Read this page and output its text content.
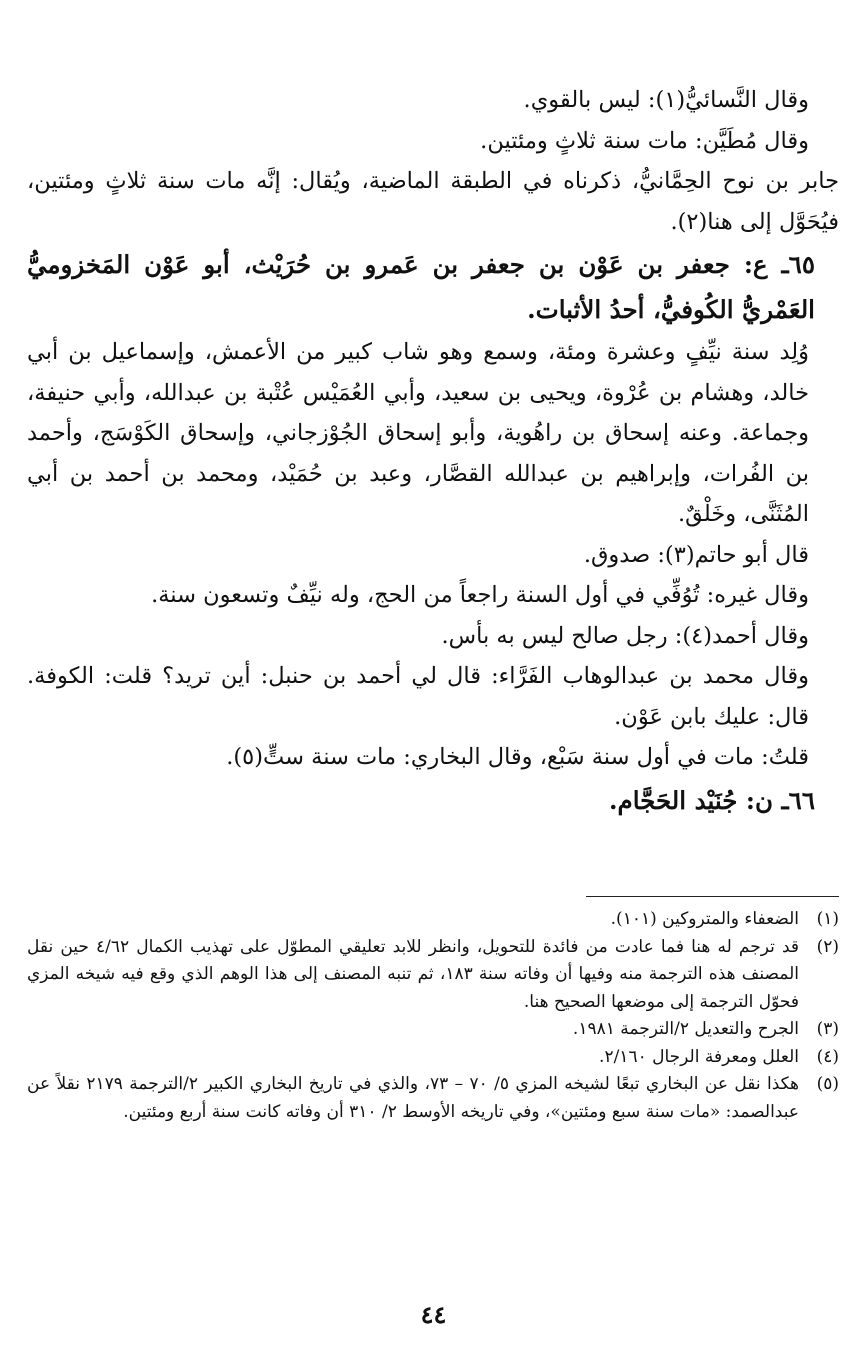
وقال النَّسائيُّ(١): ليس بالقوي.

وقال مُطَيَّن: مات سنة ثلاثٍ ومئتين.

جابر بن نوح الحِمَّانيُّ، ذكرناه في الطبقة الماضية، ويُقال: إنَّه مات سنة ثلاثٍ ومئتين، فيُحَوَّل إلى هنا(٢).

٦٥ـ ع: جعفر بن عَوْن بن جعفر بن عَمرو بن حُرَيْث، أبو عَوْن المَخزوميُّ العَمْريُّ الكُوفيُّ، أحدُ الأثبات.

وُلِد سنة نيِّفٍ وعشرة ومئة، وسمع وهو شاب كبير من الأعمش، وإسماعيل بن أبي خالد، وهشام بن عُرْوة، ويحيى بن سعيد، وأبي العُمَيْس عُتْبة بن عبدالله، وأبي حنيفة، وجماعة. وعنه إسحاق بن راهُوية، وأبو إسحاق الجُوْزجاني، وإسحاق الكَوْسَج، وأحمد بن الفُرات، وإبراهيم بن عبدالله القصَّار، وعبد بن حُمَيْد، ومحمد بن أحمد بن أبي المُثَنَّى، وخَلْقٌ.

قال أبو حاتم(٣): صدوق.

وقال غيره: تُوُفِّي في أول السنة راجعاً من الحج، وله نيِّفٌ وتسعون سنة.

وقال أحمد(٤): رجل صالح ليس به بأس.

وقال محمد بن عبدالوهاب الفَرَّاء: قال لي أحمد بن حنبل: أين تريد؟ قلت: الكوفة. قال: عليك بابن عَوْن.

قلتُ: مات في أول سنة سَبْع، وقال البخاري: مات سنة ستٍّ(٥).

٦٦ـ ن: جُنَيْد الحَجَّام.

(١)
الضعفاء والمتروكين (١٠١).
(٢)
قد ترجم له هنا فما عادت من فائدة للتحويل، وانظر للابد تعليقي المطوّل على تهذيب الكمال ٤/٦٢ حين نقل المصنف هذه الترجمة منه وفيها أن وفاته سنة ١٨٣، ثم تنبه المصنف إلى هذا الوهم الذي وقع فيه شيخه المزي فحوّل الترجمة إلى موضعها الصحيح هنا.
(٣)
الجرح والتعديل ٢/الترجمة ١٩٨١.
(٤)
العلل ومعرفة الرجال ٢/١٦٠.
(٥)
هكذا نقل عن البخاري تبعًا لشيخه المزي ٥/ ٧٠ – ٧٣، والذي في تاريخ البخاري الكبير ٢/الترجمة ٢١٧٩ نقلاً عن عبدالصمد: «مات سنة سبع ومئتين»، وفي تاريخه الأوسط ٢/ ٣١٠ أن وفاته كانت سنة أربع ومئتين.
٤٤
